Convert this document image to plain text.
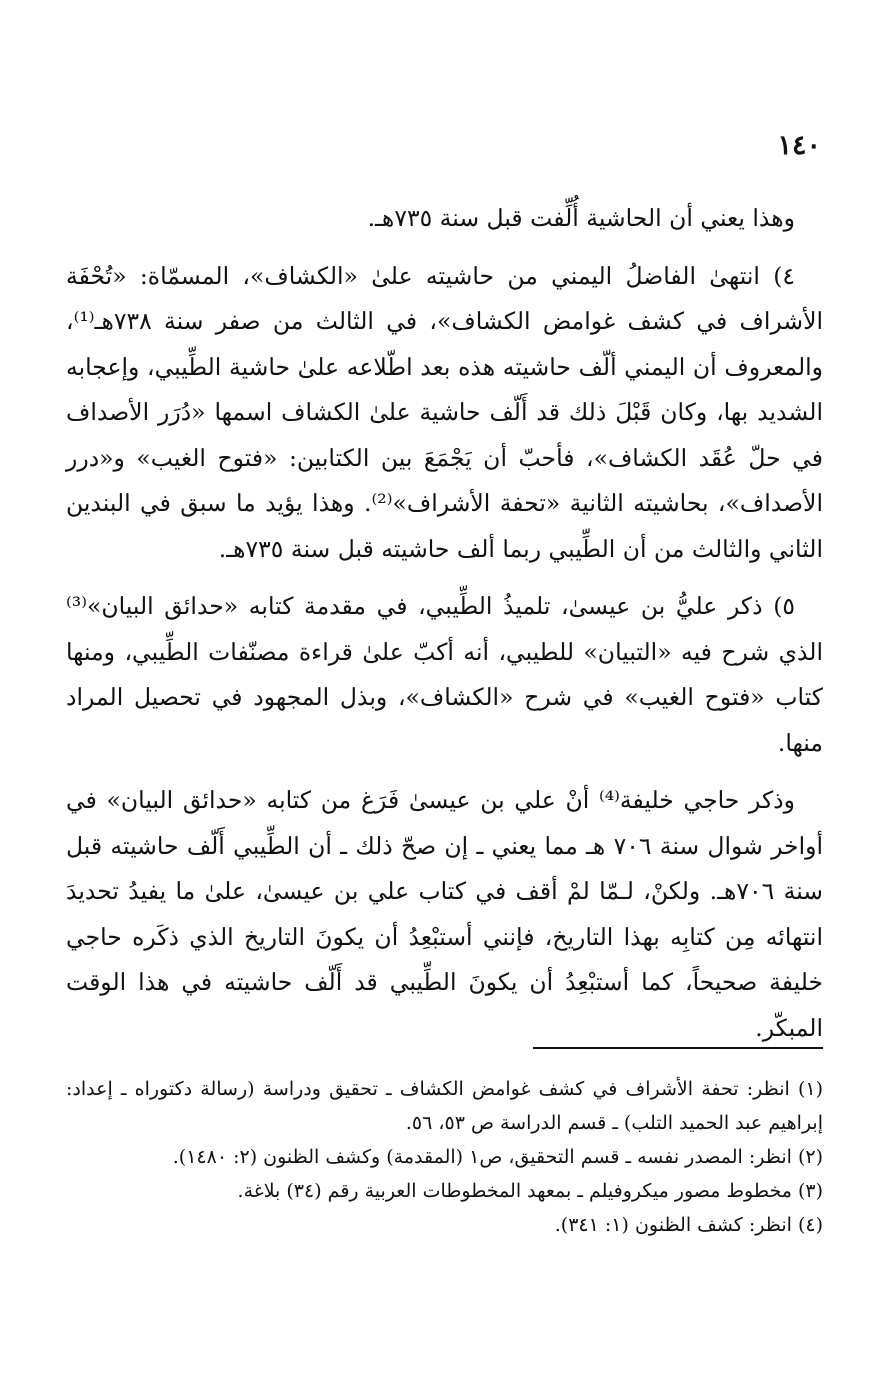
١٤٠

وهذا يعني أن الحاشية أُلِّفت قبل سنة ٧٣٥هـ.

٤) انتهىٰ الفاضلُ اليمني من حاشيته علىٰ «الكشاف»، المسمّاة: «تُحْفَة الأشراف في كشف غوامض الكشاف»، في الثالث من صفر سنة ٧٣٨هـ⁽¹⁾، والمعروف أن اليمني ألّف حاشيته هذه بعد اطّلاعه علىٰ حاشية الطِّيبي، وإعجابه الشديد بها، وكان قَبْلَ ذلك قد أَلّف حاشية علىٰ الكشاف اسمها «دُرَر الأصداف في حلّ عُقَد الكشاف»، فأحبّ أن يَجْمَعَ بين الكتابين: «فتوح الغيب» و«درر الأصداف»، بحاشيته الثانية «تحفة الأشراف»⁽²⁾. وهذا يؤيد ما سبق في البندين الثاني والثالث من أن الطِّيبي ربما ألف حاشيته قبل سنة ٧٣٥هـ.

٥) ذكر عليُّ بن عيسىٰ، تلميذُ الطِّيبي، في مقدمة كتابه «حدائق البيان»⁽³⁾ الذي شرح فيه «التبيان» للطيبي، أنه أكبّ علىٰ قراءة مصنّفات الطِّيبي، ومنها كتاب «فتوح الغيب» في شرح «الكشاف»، وبذل المجهود في تحصيل المراد منها.

وذكر حاجي خليفة⁽⁴⁾ أنْ علي بن عيسىٰ فَرَغ من كتابه «حدائق البيان» في أواخر شوال سنة ٧٠٦ هـ مما يعني ـ إن صحّ ذلك ـ أن الطِّيبي أَلّف حاشيته قبل سنة ٧٠٦هـ. ولكنْ، لـمّا لمْ أقف في كتاب علي بن عيسىٰ، علىٰ ما يفيدُ تحديدَ انتهائه مِن كتابِه بهذا التاريخ، فإنني أستبْعِدُ أن يكونَ التاريخ الذي ذكَره حاجي خليفة صحيحاً، كما أستبْعِدُ أن يكونَ الطِّيبي قد أَلّف حاشيته في هذا الوقت المبكّر.

(١) انظر: تحفة الأشراف في كشف غوامض الكشاف ـ تحقيق ودراسة (رسالة دكتوراه ـ إعداد: إبراهيم عبد الحميد التلب) ـ قسم الدراسة ص ٥٣، ٥٦.

(٢) انظر: المصدر نفسه ـ قسم التحقيق، ص١ (المقدمة) وكشف الظنون (٢: ١٤٨٠).

(٣) مخطوط مصور ميكروفيلم ـ بمعهد المخطوطات العربية رقم (٣٤) بلاغة.

(٤) انظر: كشف الظنون (١: ٣٤١).
